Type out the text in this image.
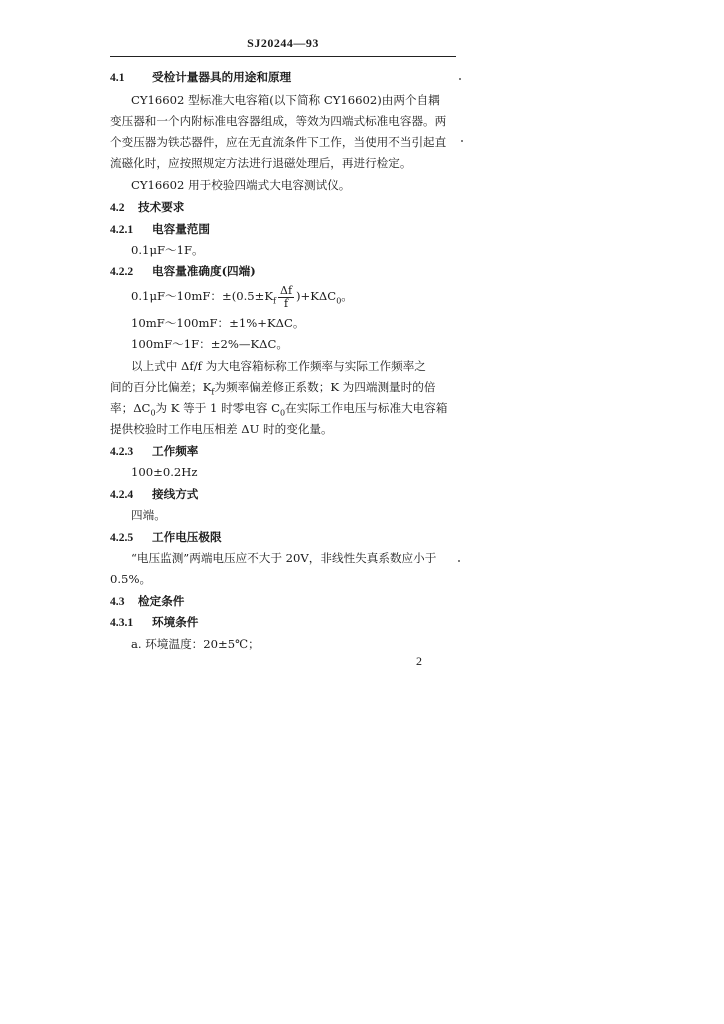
SJ20244—93
4.1 受检计量器具的用途和原理
CY16602 型标准大电容箱(以下简称 CY16602)由两个自耦
变压器和一个内附标准电容器组成，等效为四端式标准电容器。两
个变压器为铁芯器件，应在无直流条件下工作，当使用不当引起直
流磁化时，应按照规定方法进行退磁处理后，再进行检定。
CY16602 用于校验四端式大电容测试仪。
4.2 技术要求
4.2.1 电容量范围
0.1μF～1F。
4.2.2 电容量准确度(四端)
0.1μF～10mF：$\pm(0.5\pm K_f \frac{\Delta f}{f} )+K\Delta C_0$。
10mF～100mF：±1%+KΔC。
100mF～1F：±2%—KΔC。
以上式中 Δf/f 为大电容箱标称工作频率与实际工作频率之
间的百分比偏差；$K_f$为频率偏差修正系数；K 为四端测量时的倍
率；$\Delta C_0$为 K 等于 1 时零电容 $C_0$在实际工作电压与标准大电容箱
提供校验时工作电压相差 ΔU 时的变化量。
4.2.3 工作频率
100±0.2Hz
4.2.4 接线方式
四端。
4.2.5 工作电压极限
“电压监测”两端电压应不大于 20V，非线性失真系数应小于
0.5%。
4.3 检定条件
4.3.1 环境条件
a. 环境温度：20±5℃；
2
